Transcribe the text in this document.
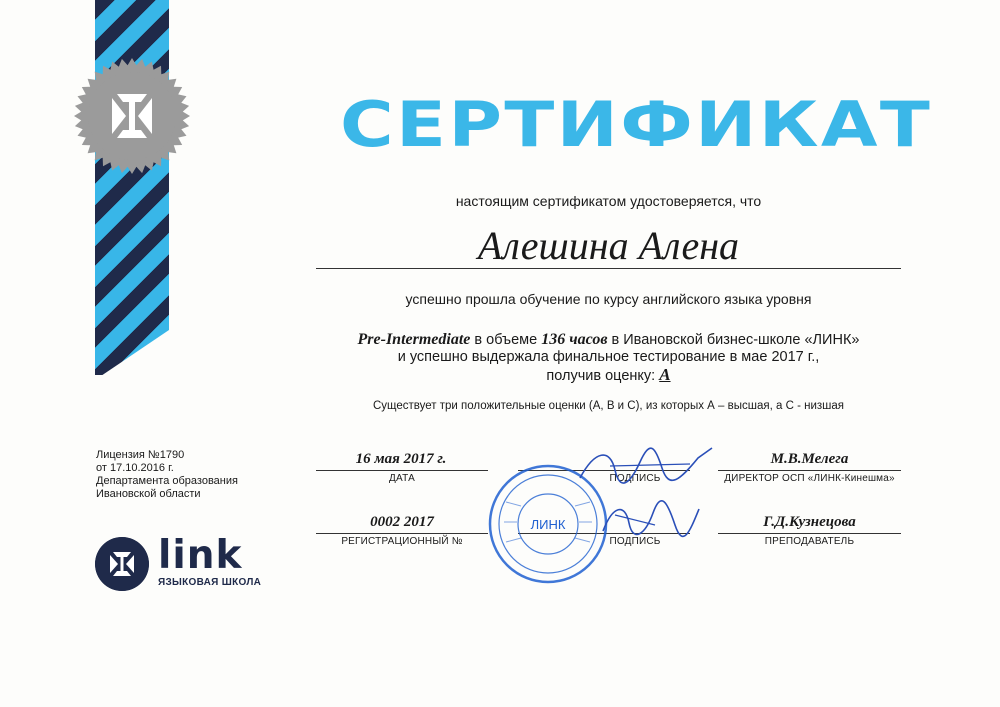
СЕРТИФИКАТ
настоящим сертификатом удостоверяется, что
Алешина Алена
успешно прошла обучение по курсу английского языка уровня
Pre-Intermediate в объеме 136 часов в Ивановской бизнес-школе «ЛИНК»
и успешно выдержала финальное тестирование в мае 2017 г.,
получив оценку: А
Существует три положительные оценки (А, В и С), из которых А – высшая, а С - низшая
Лицензия №1790
от 17.10.2016 г.
Департамента образования
Ивановской области
16 мая 2017 г.
ДАТА	ПОДПИСЬ
М.В.Мелега
ДИРЕКТОР ОСП «ЛИНК-Кинешма»
0002 2017
РЕГИСТРАЦИОННЫЙ №	ПОДПИСЬ
Г.Д.Кузнецова
ПРЕПОДАВАТЕЛЬ
ЛИНК
link
ЯЗЫКОВАЯ ШКОЛА
